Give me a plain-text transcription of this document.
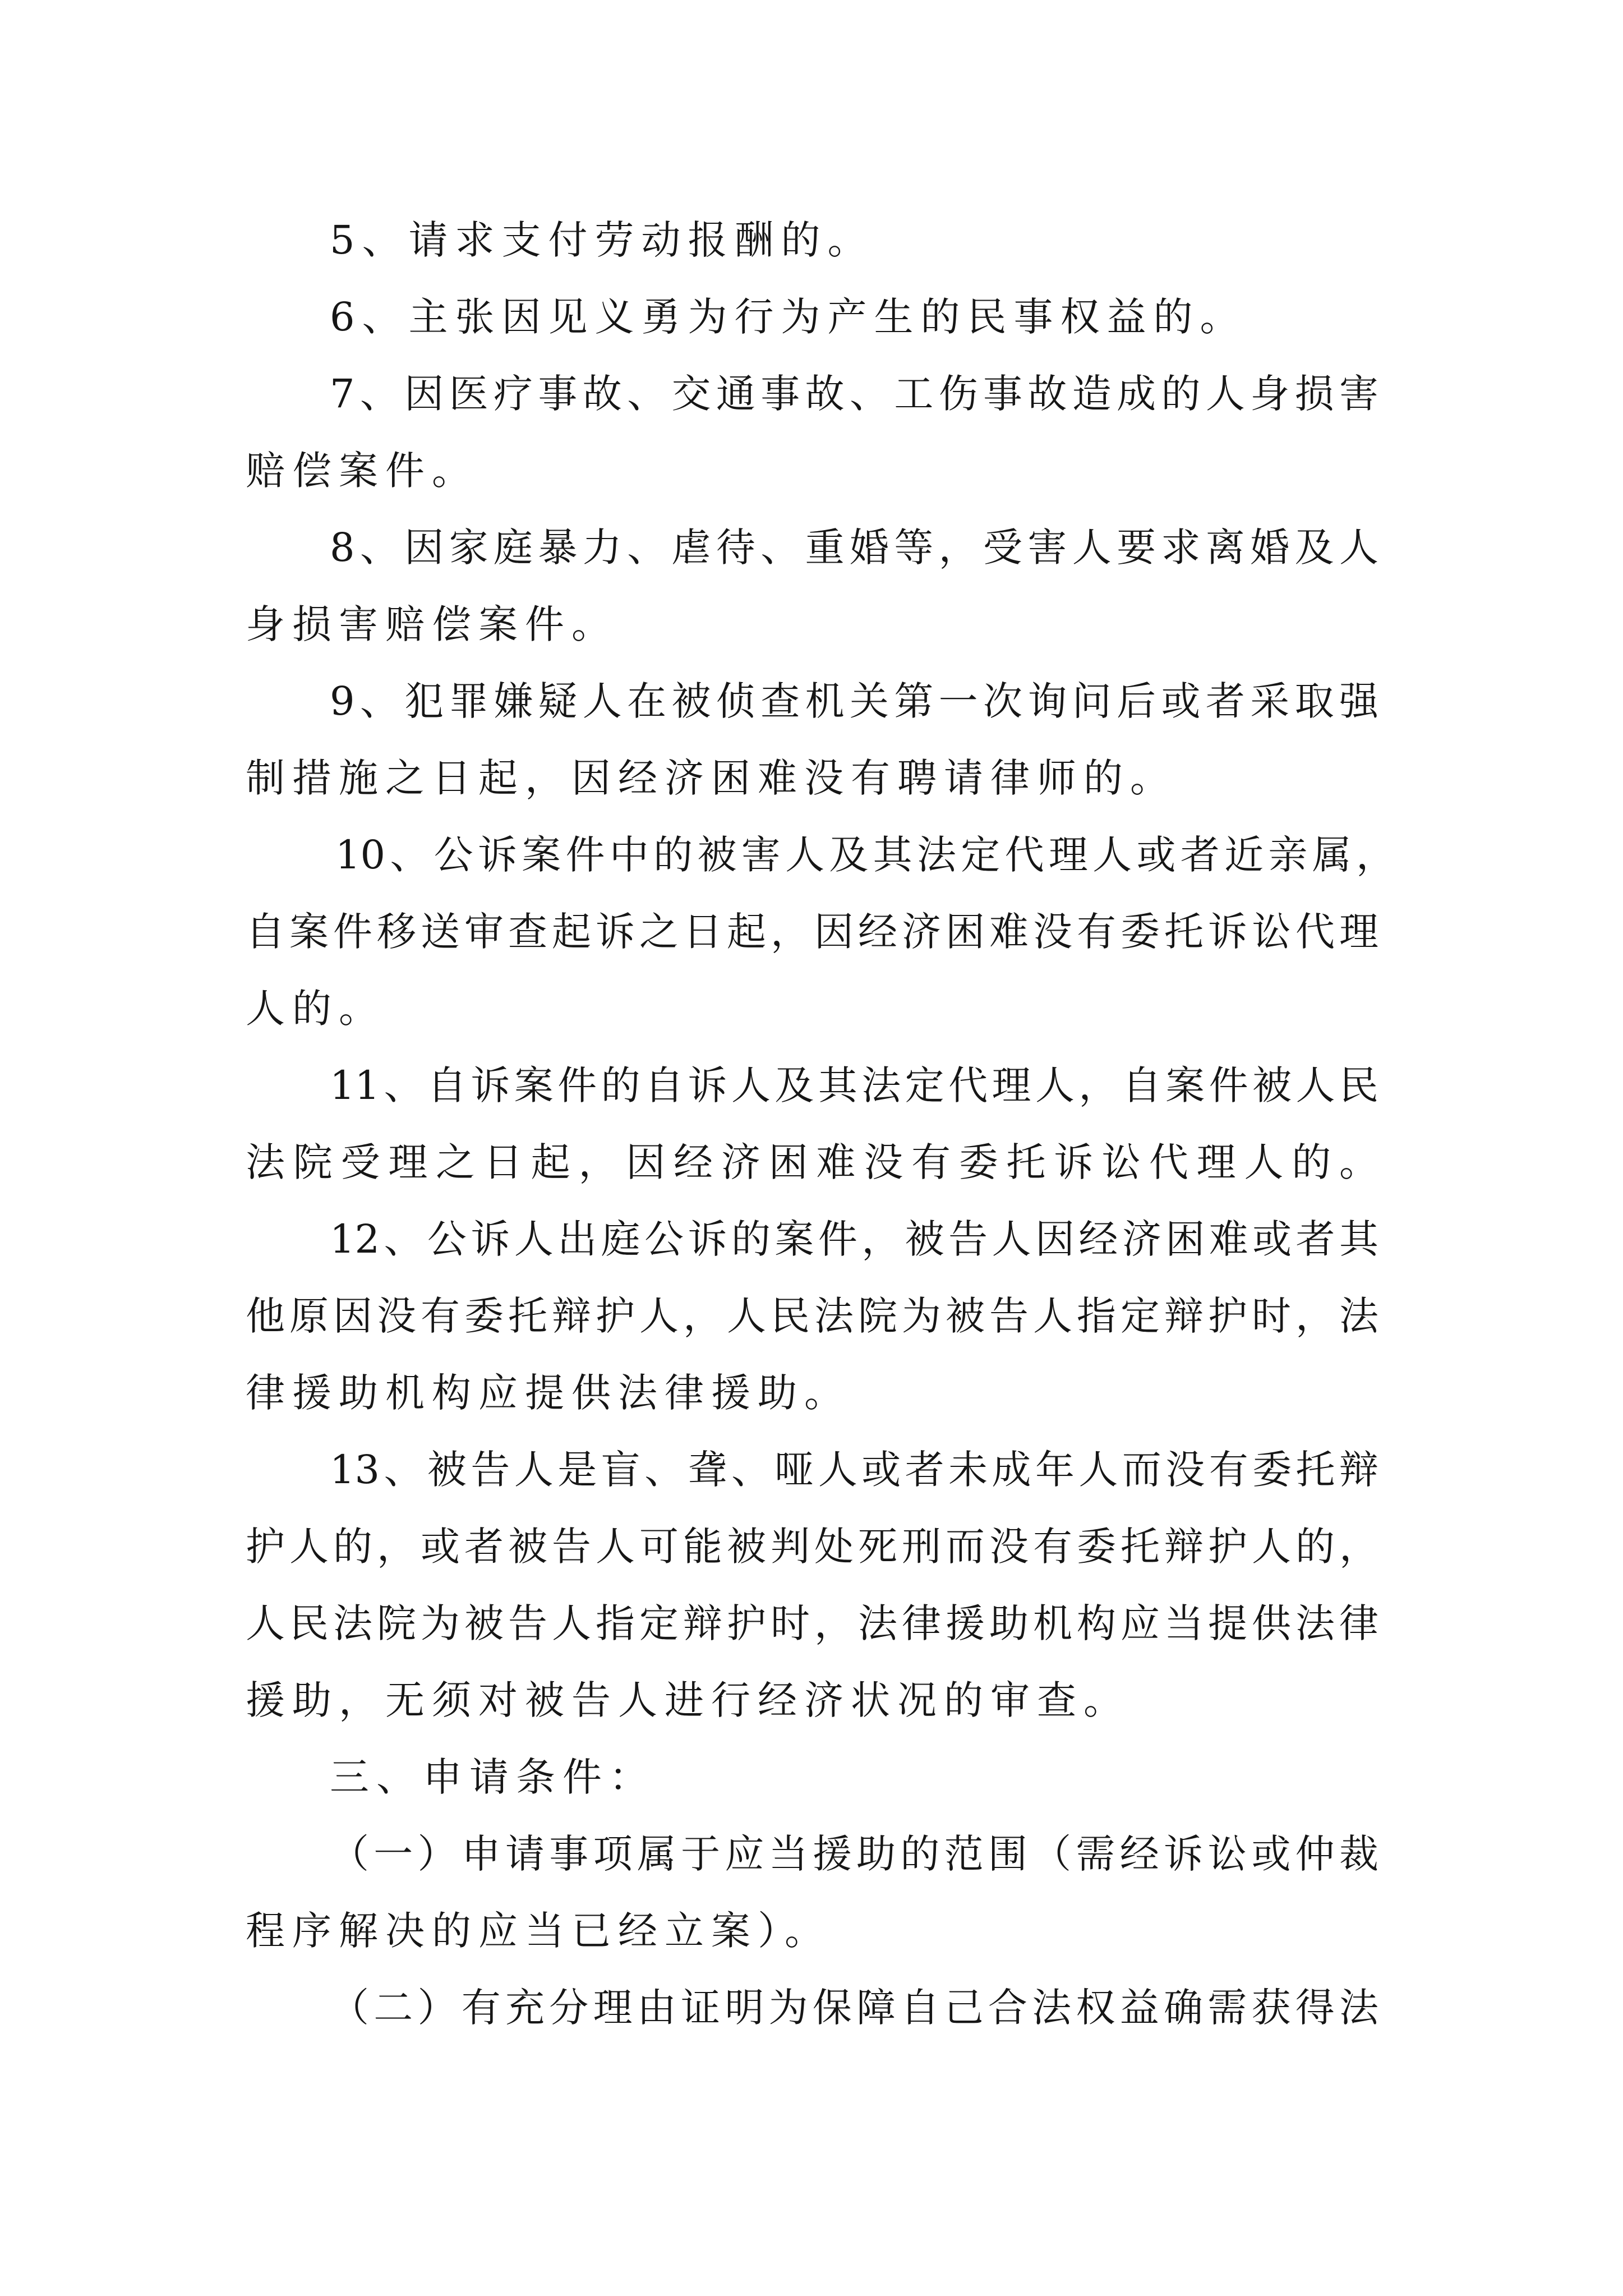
5、请求支付劳动报酬的。
6、主张因见义勇为行为产生的民事权益的。
7、因医疗事故、交通事故、工伤事故造成的人身损害
赔偿案件。
8、因家庭暴力、虐待、重婚等，受害人要求离婚及人
身损害赔偿案件。
9、犯罪嫌疑人在被侦查机关第一次询问后或者采取强
制措施之日起，因经济困难没有聘请律师的。
10、公诉案件中的被害人及其法定代理人或者近亲属，
自案件移送审查起诉之日起，因经济困难没有委托诉讼代理
人的。
11、自诉案件的自诉人及其法定代理人，自案件被人民
法院受理之日起，因经济困难没有委托诉讼代理人的。
12、公诉人出庭公诉的案件，被告人因经济困难或者其
他原因没有委托辩护人，人民法院为被告人指定辩护时，法
律援助机构应提供法律援助。
13、被告人是盲、聋、哑人或者未成年人而没有委托辩
护人的，或者被告人可能被判处死刑而没有委托辩护人的，
人民法院为被告人指定辩护时，法律援助机构应当提供法律
援助，无须对被告人进行经济状况的审查。
三、申请条件：
（一）申请事项属于应当援助的范围（需经诉讼或仲裁
程序解决的应当已经立案）。
（二）有充分理由证明为保障自己合法权益确需获得法
